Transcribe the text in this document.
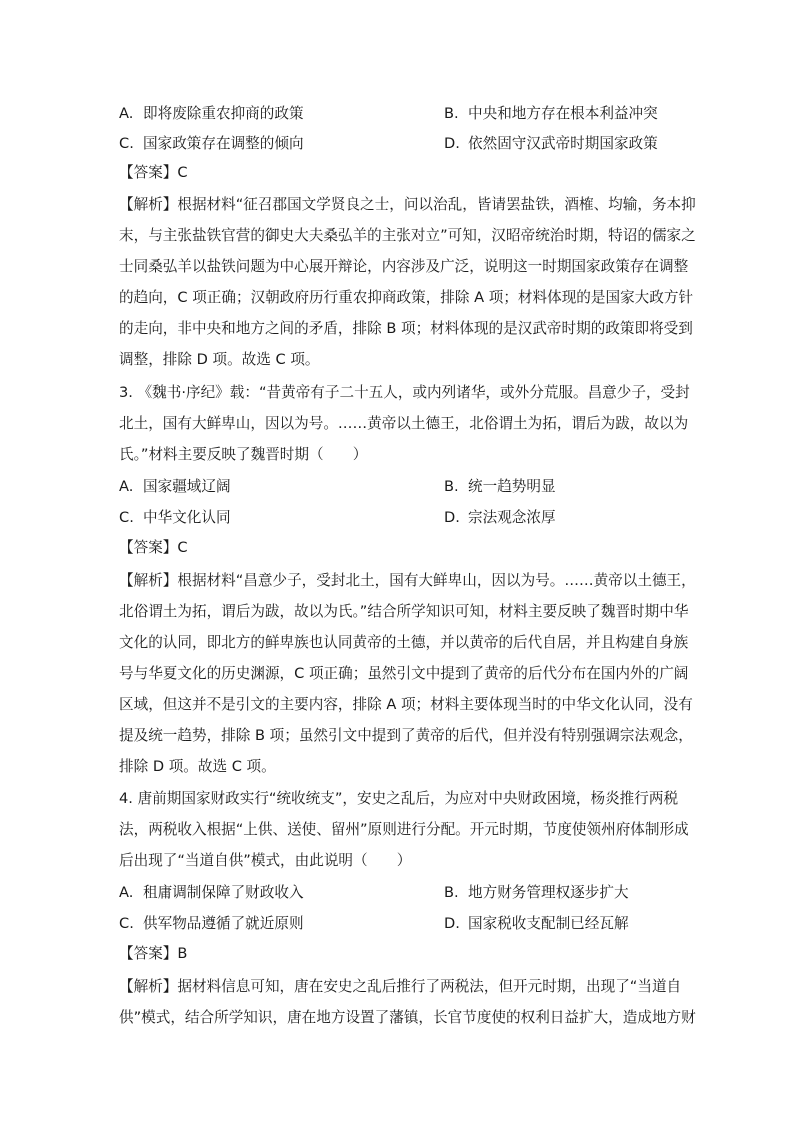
A. 即将废除重农抑商的政策	B. 中央和地方存在根本利益冲突
C. 国家政策存在调整的倾向	D. 依然固守汉武帝时期国家政策
【答案】C
【解析】根据材料“征召郡国文学贤良之士，问以治乱，皆请罢盐铁，酒榷、均输，务本抑
末，与主张盐铁官营的御史大夫桑弘羊的主张对立”可知，汉昭帝统治时期，特诏的儒家之
士同桑弘羊以盐铁问题为中心展开辩论，内容涉及广泛，说明这一时期国家政策存在调整
的趋向，C 项正确；汉朝政府历行重农抑商政策，排除 A 项；材料体现的是国家大政方针
的走向，非中央和地方之间的矛盾，排除 B 项；材料体现的是汉武帝时期的政策即将受到
调整，排除 D 项。故选 C 项。
3. 《魏书·序纪》载：“昔黄帝有子二十五人，或内列诸华，或外分荒服。昌意少子，受封
北土，国有大鲜卑山，因以为号。……黄帝以土德王，北俗谓土为拓，谓后为跋，故以为
氏。”材料主要反映了魏晋时期（　　）
A. 国家疆域辽阔	B. 统一趋势明显
C. 中华文化认同	D. 宗法观念浓厚
【答案】C
【解析】根据材料“昌意少子，受封北土，国有大鲜卑山，因以为号。……黄帝以土德王，
北俗谓土为拓，谓后为跋，故以为氏。”结合所学知识可知，材料主要反映了魏晋时期中华
文化的认同，即北方的鲜卑族也认同黄帝的土德，并以黄帝的后代自居，并且构建自身族
号与华夏文化的历史渊源，C 项正确；虽然引文中提到了黄帝的后代分布在国内外的广阔
区域，但这并不是引文的主要内容，排除 A 项；材料主要体现当时的中华文化认同，没有
提及统一趋势，排除 B 项；虽然引文中提到了黄帝的后代，但并没有特别强调宗法观念，
排除 D 项。故选 C 项。
4. 唐前期国家财政实行“统收统支”，安史之乱后，为应对中央财政困境，杨炎推行两税
法，两税收入根据“上供、送使、留州”原则进行分配。开元时期，节度使领州府体制形成
后出现了“当道自供”模式，由此说明（　　）
A. 租庸调制保障了财政收入	B. 地方财务管理权逐步扩大
C. 供军物品遵循了就近原则	D. 国家税收支配制已经瓦解
【答案】B
【解析】据材料信息可知，唐在安史之乱后推行了两税法，但开元时期，出现了“当道自
供”模式，结合所学知识，唐在地方设置了藩镇，长官节度使的权利日益扩大，造成地方财
